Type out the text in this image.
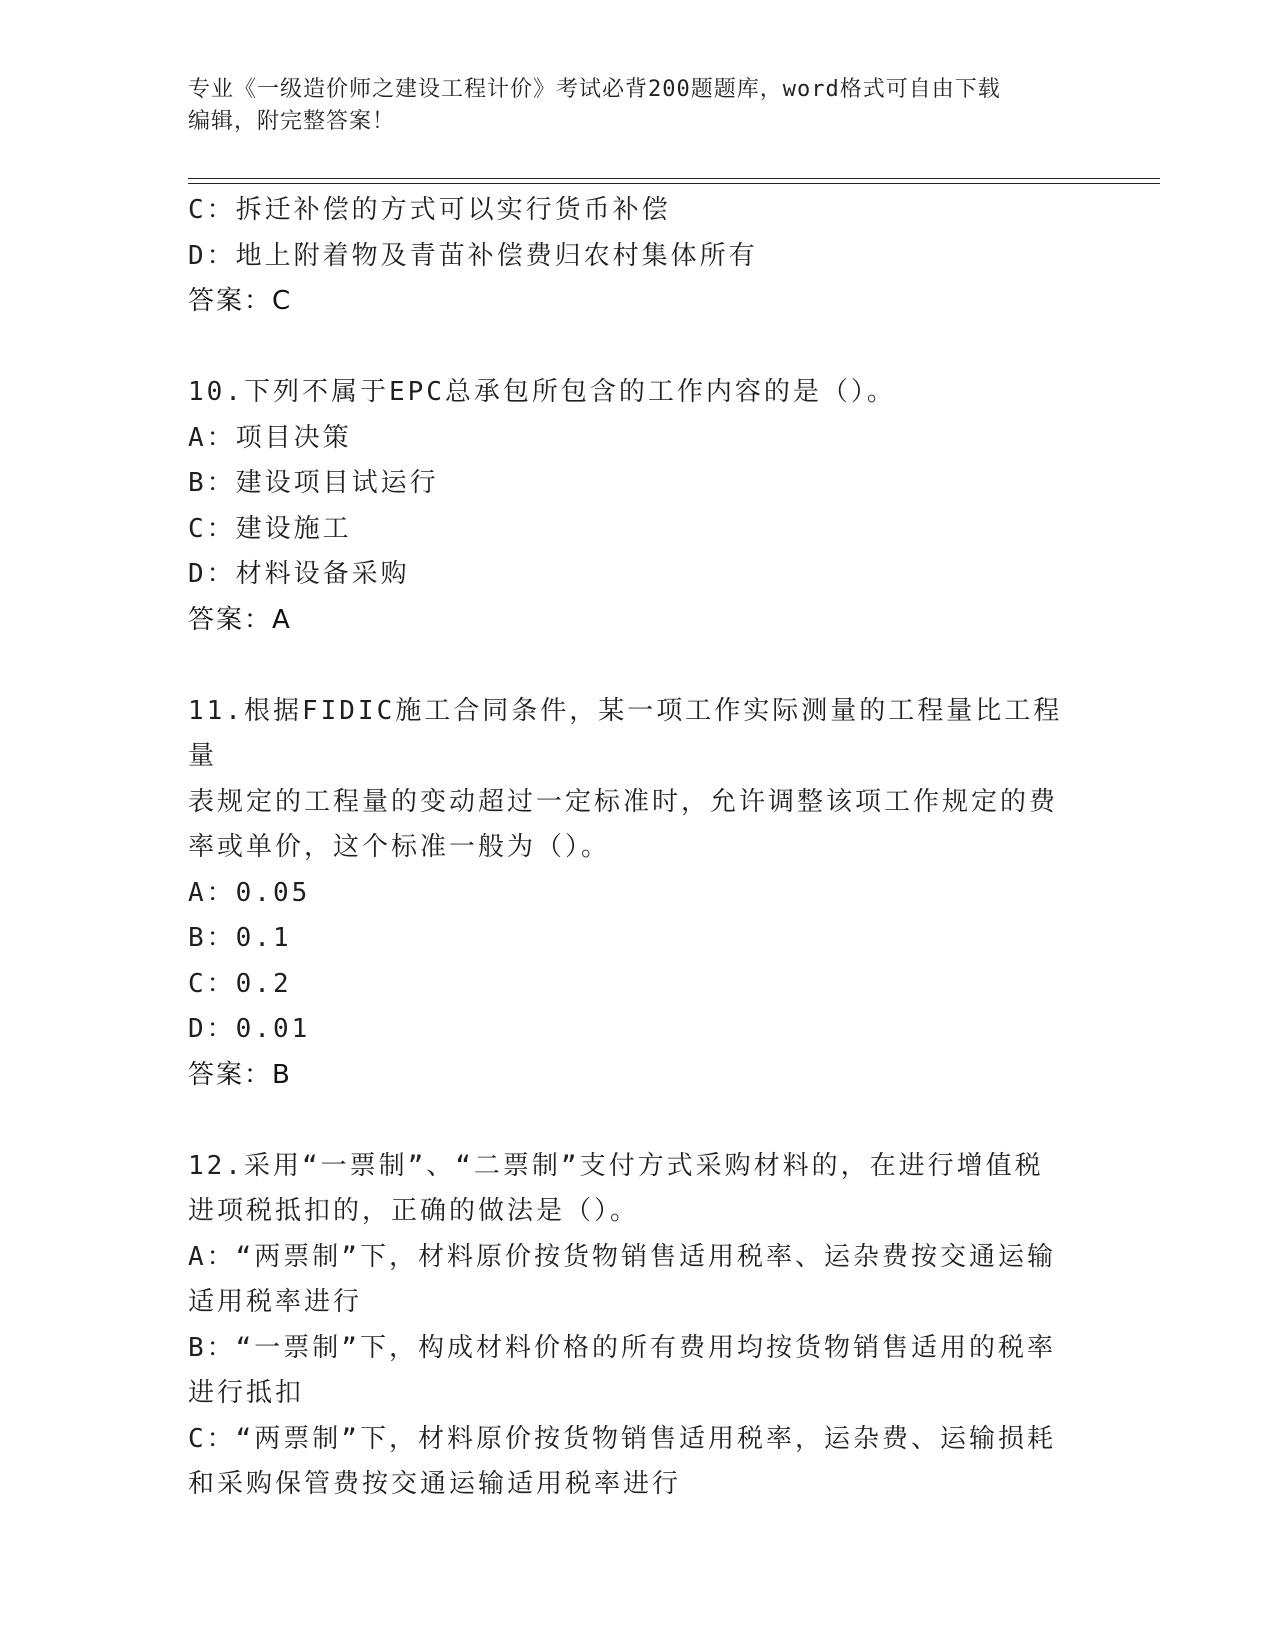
专业《一级造价师之建设工程计价》考试必背200题题库，word格式可自由下载
编辑，附完整答案！
C：拆迁补偿的方式可以实行货币补偿
D：地上附着物及青苗补偿费归农村集体所有
答案：C
10.下列不属于EPC总承包所包含的工作内容的是（）。
A：项目决策
B：建设项目试运行
C：建设施工
D：材料设备采购
答案：A
11.根据FIDIC施工合同条件，某一项工作实际测量的工程量比工程量
表规定的工程量的变动超过一定标准时，允许调整该项工作规定的费
率或单价，这个标准一般为（）。
A：0.05
B：0.1
C：0.2
D：0.01
答案：B
12.采用“一票制”、“二票制”支付方式采购材料的，在进行增值税
进项税抵扣的，正确的做法是（）。
A：“两票制”下，材料原价按货物销售适用税率、运杂费按交通运输
适用税率进行
B：“一票制”下，构成材料价格的所有费用均按货物销售适用的税率
进行抵扣
C：“两票制”下，材料原价按货物销售适用税率，运杂费、运输损耗
和采购保管费按交通运输适用税率进行
